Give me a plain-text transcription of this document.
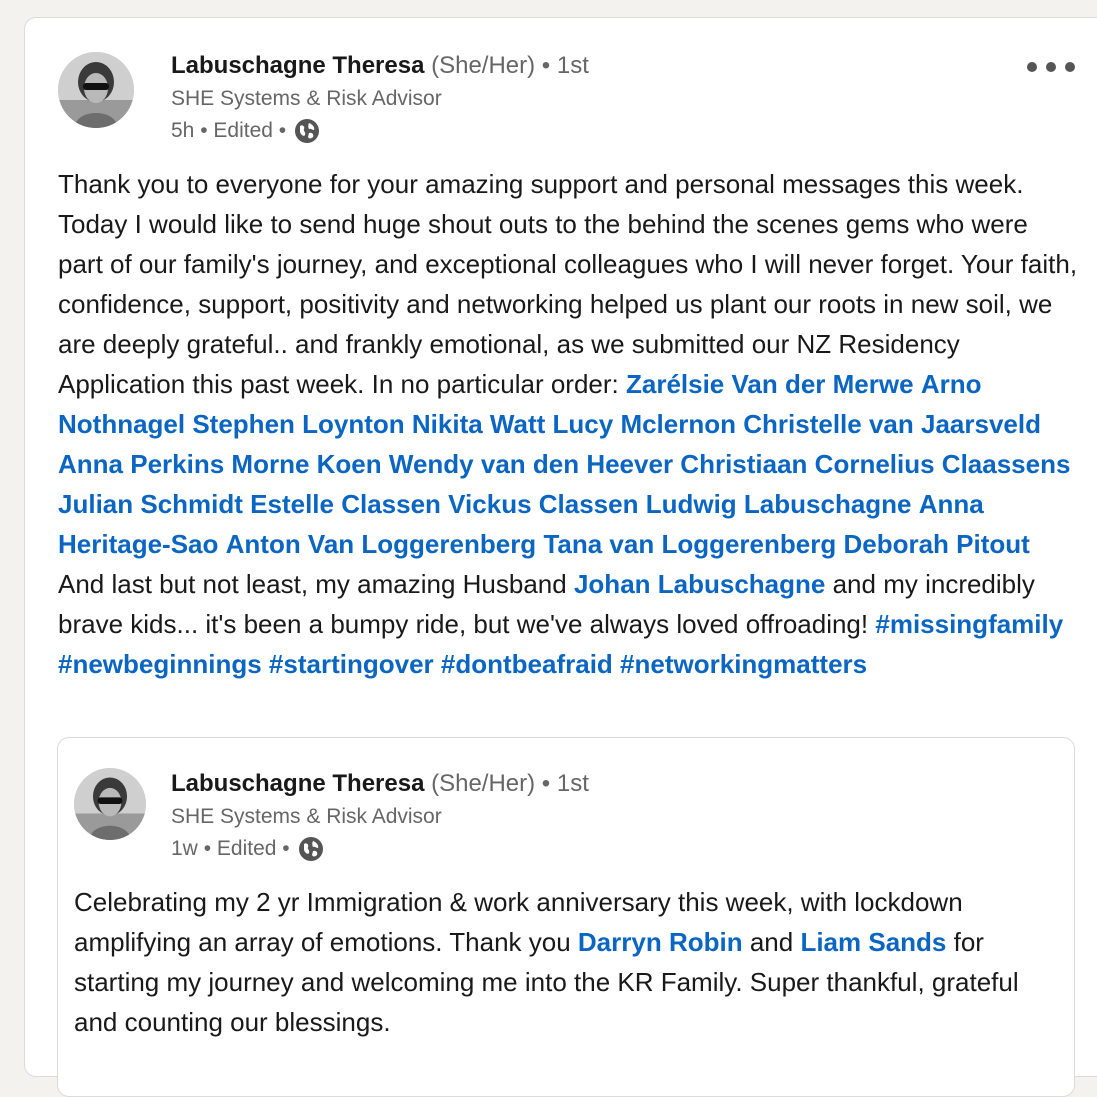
Labuschagne Theresa (She/Her) • 1st
SHE Systems & Risk Advisor
5h
•
Edited
•
Thank you to everyone for your amazing support and personal messages this week. Today I would like to send huge shout outs to the behind the scenes gems who were part of our family's journey, and exceptional colleagues who I will never forget. Your faith, confidence, support, positivity and networking helped us plant our roots in new soil, we are deeply grateful.. and frankly emotional, as we submitted our NZ Residency Application this past week. In no particular order: Zarélsie Van der Merwe Arno Nothnagel Stephen Loynton Nikita Watt Lucy Mclernon Christelle van Jaarsveld Anna Perkins Morne Koen Wendy van den Heever Christiaan Cornelius Claassens Julian Schmidt Estelle Classen Vickus Classen Ludwig Labuschagne Anna Heritage-Sao Anton Van Loggerenberg Tana van Loggerenberg Deborah Pitout And last but not least, my amazing Husband Johan Labuschagne and my incredibly brave kids... it's been a bumpy ride, but we've always loved offroading! #missingfamily #newbeginnings #startingover #dontbeafraid #networkingmatters
Labuschagne Theresa (She/Her) • 1st
SHE Systems & Risk Advisor
1w
•
Edited
•
Celebrating my 2 yr Immigration & work anniversary this week, with lockdown amplifying an array of emotions. Thank you Darryn Robin and Liam Sands for starting my journey and welcoming me into the KR Family. Super thankful, grateful and counting our blessings.
